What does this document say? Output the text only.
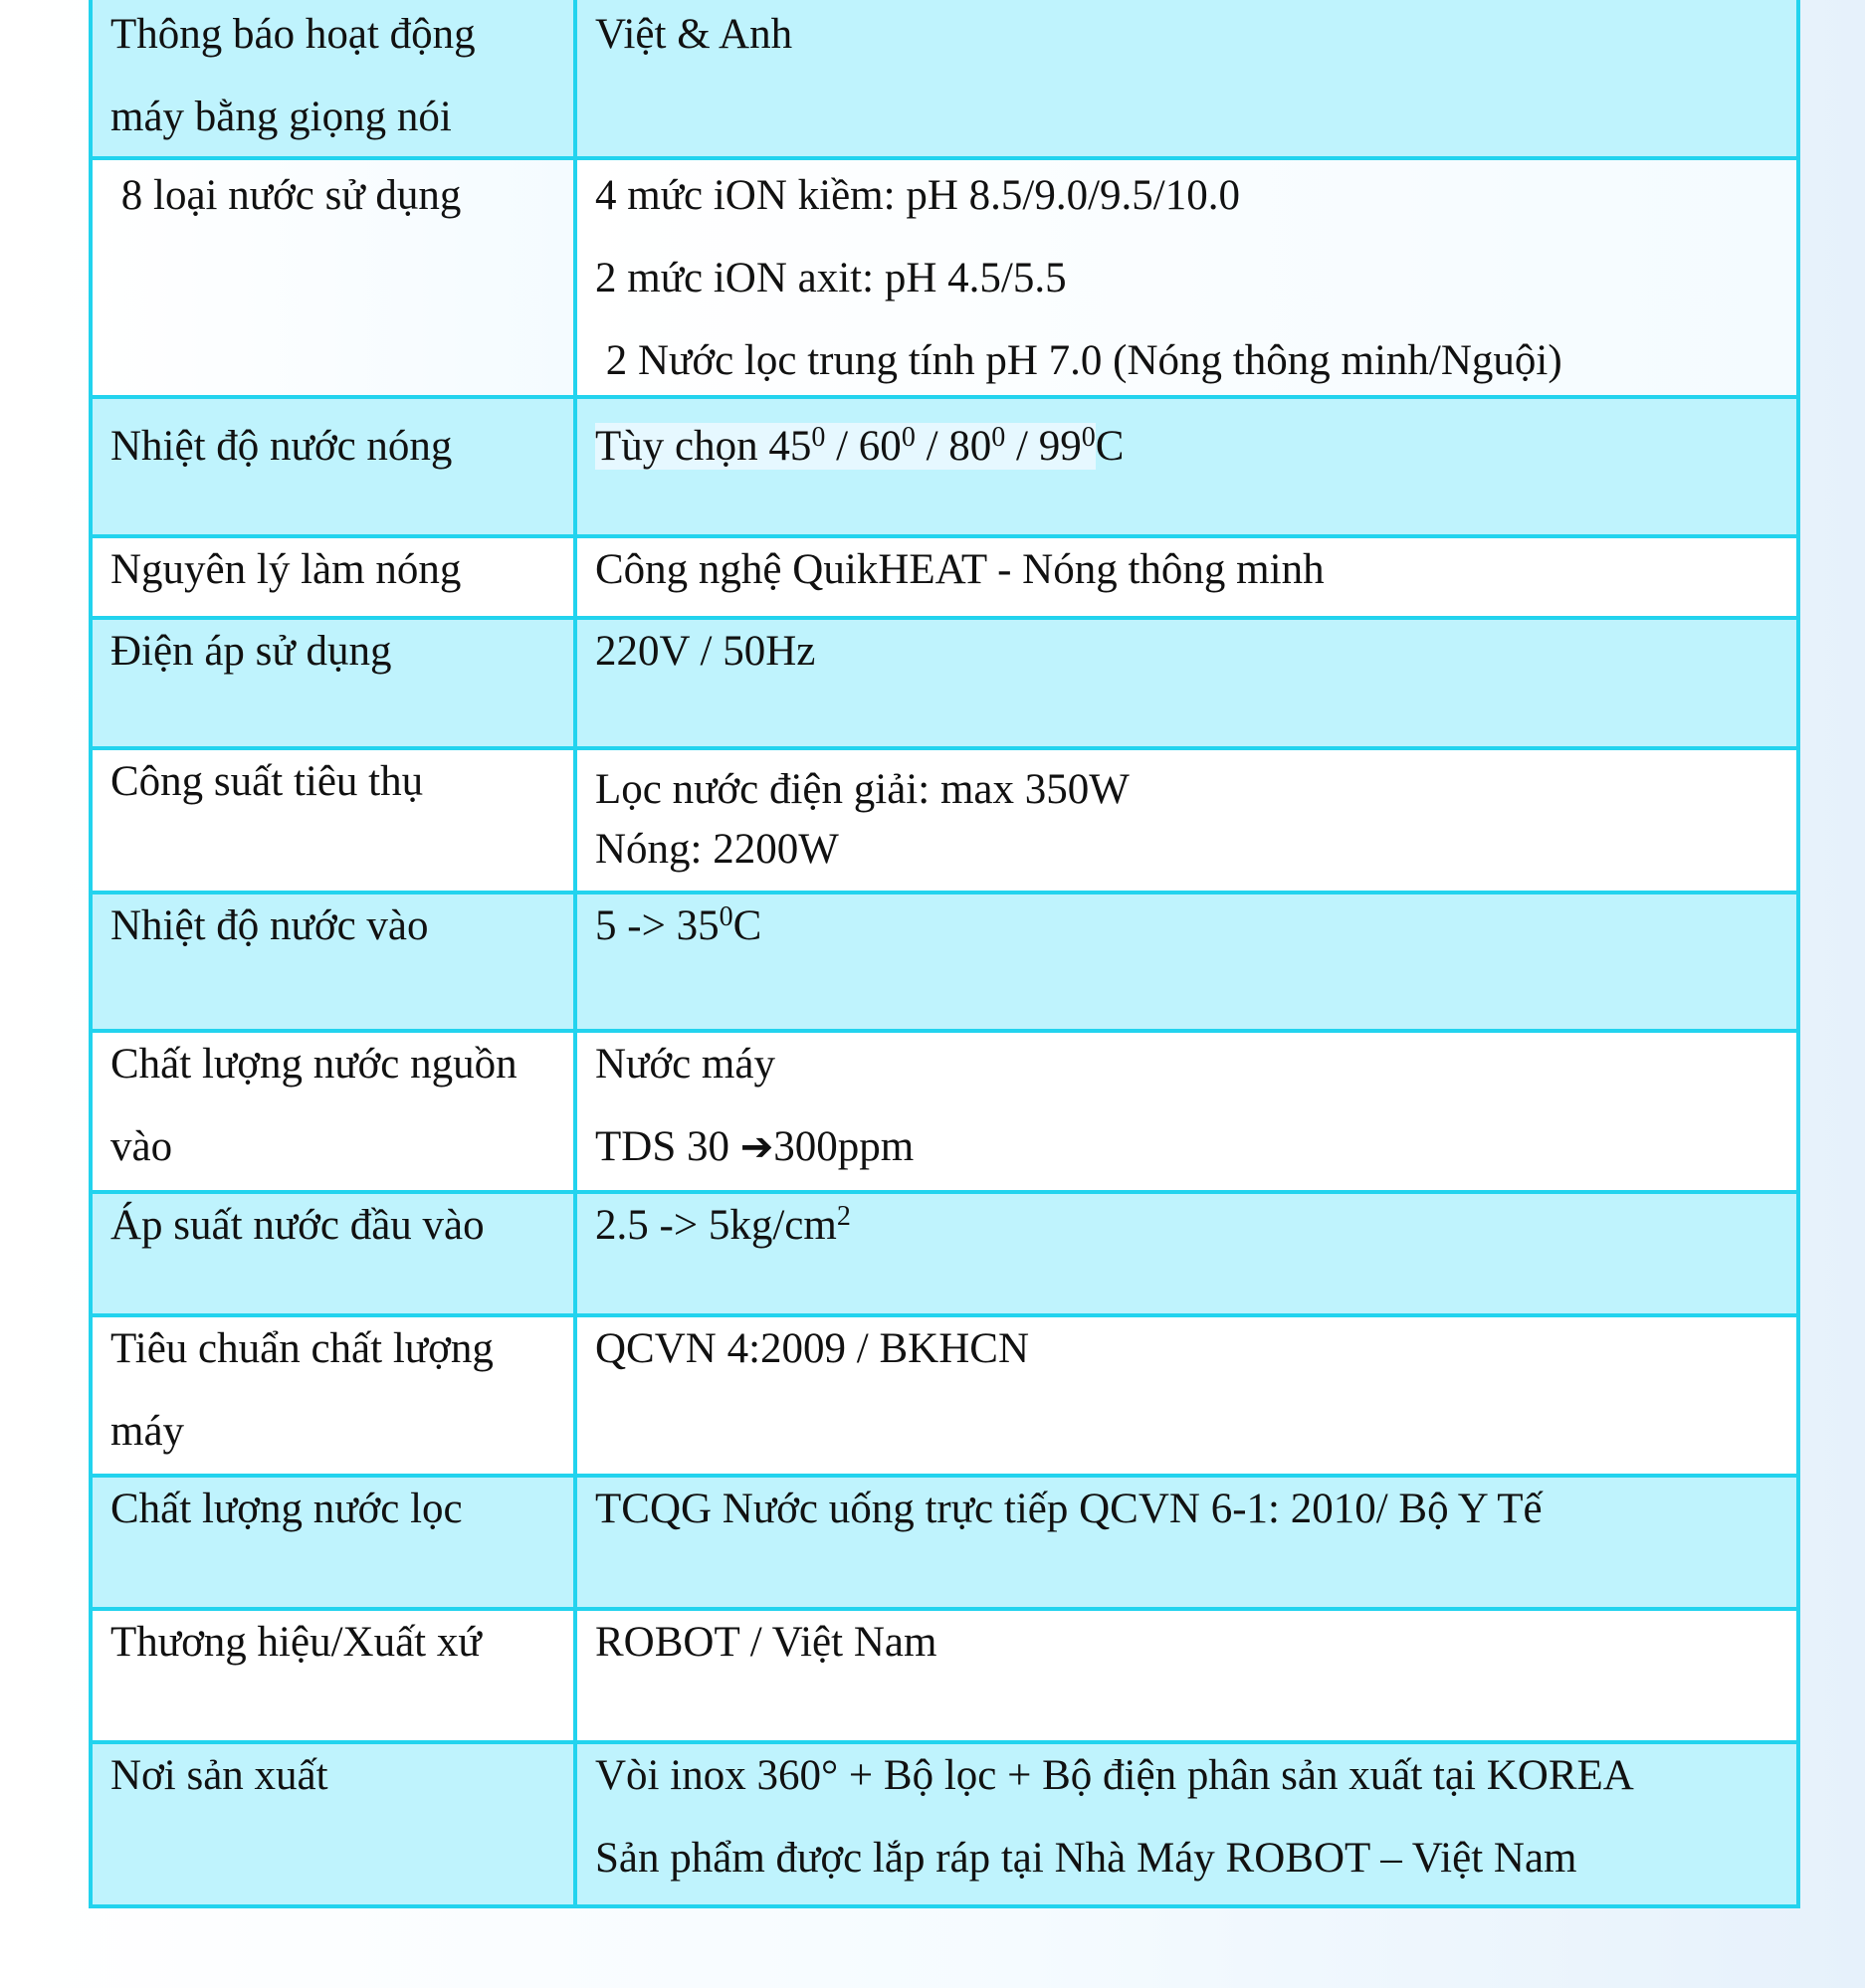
Thông báo hoạt động
máy bằng giọng nói	Việt & Anh

8 loại nước sử dụng	4 mức iON kiềm: pH 8.5/9.0/9.5/10.0
2 mức iON axit: pH 4.5/5.5
2 Nước lọc trung tính pH 7.0 (Nóng thông minh/Nguội)

Nhiệt độ nước nóng	Tùy chọn $45^0 / 60^0 / 80^0 / 99^0C$

Nguyên lý làm nóng	Công nghệ QuikHEAT - Nóng thông minh

Điện áp sử dụng	220V / 50Hz

Công suất tiêu thụ	Lọc nước điện giải: max 350W
Nóng: 2200W

Nhiệt độ nước vào	$5 -> 35^0C$

Chất lượng nước nguồn
vào	Nước máy
TDS 30 ➔300ppm

Áp suất nước đầu vào	$2.5 -> 5kg/cm^2$

Tiêu chuẩn chất lượng
máy	QCVN 4:2009 / BKHCN

Chất lượng nước lọc	TCQG Nước uống trực tiếp QCVN 6-1: 2010/ Bộ Y Tế

Thương hiệu/Xuất xứ	ROBOT / Việt Nam

Nơi sản xuất	Vòi inox 360° + Bộ lọc + Bộ điện phân sản xuất tại KOREA
Sản phẩm được lắp ráp tại Nhà Máy ROBOT – Việt Nam
